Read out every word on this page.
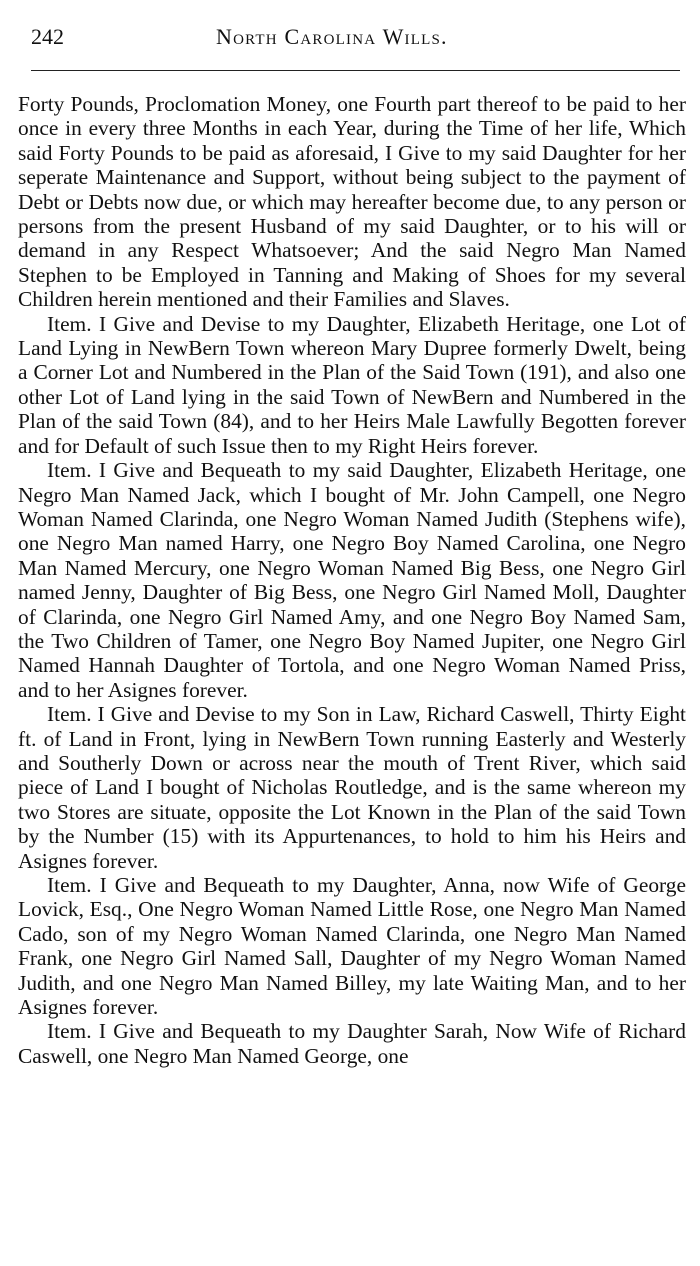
242	North Carolina Wills.

Forty Pounds, Proclomation Money, one Fourth part thereof to be paid to her once in every three Months in each Year, during the Time of her life, Which said Forty Pounds to be paid as aforesaid, I Give to my said Daughter for her seperate Maintenance and Support, without being subject to the payment of Debt or Debts now due, or which may hereafter become due, to any person or persons from the present Husband of my said Daughter, or to his will or demand in any Respect Whatsoever; And the said Negro Man Named Stephen to be Employed in Tanning and Making of Shoes for my several Children herein mentioned and their Families and Slaves.

Item. I Give and Devise to my Daughter, Elizabeth Heritage, one Lot of Land Lying in NewBern Town whereon Mary Dupree formerly Dwelt, being a Corner Lot and Numbered in the Plan of the Said Town (191), and also one other Lot of Land lying in the said Town of NewBern and Numbered in the Plan of the said Town (84), and to her Heirs Male Lawfully Begotten forever and for Default of such Issue then to my Right Heirs forever.

Item. I Give and Bequeath to my said Daughter, Elizabeth Heritage, one Negro Man Named Jack, which I bought of Mr. John Campell, one Negro Woman Named Clarinda, one Negro Woman Named Judith (Stephens wife), one Negro Man named Harry, one Negro Boy Named Carolina, one Negro Man Named Mercury, one Negro Woman Named Big Bess, one Negro Girl named Jenny, Daughter of Big Bess, one Negro Girl Named Moll, Daughter of Clarinda, one Negro Girl Named Amy, and one Negro Boy Named Sam, the Two Children of Tamer, one Negro Boy Named Jupiter, one Negro Girl Named Hannah Daughter of Tortola, and one Negro Woman Named Priss, and to her Asignes forever.

Item. I Give and Devise to my Son in Law, Richard Caswell, Thirty Eight ft. of Land in Front, lying in NewBern Town running Easterly and Westerly and Southerly Down or across near the mouth of Trent River, which said piece of Land I bought of Nicholas Routledge, and is the same whereon my two Stores are situate, opposite the Lot Known in the Plan of the said Town by the Number (15) with its Appurtenances, to hold to him his Heirs and Asignes forever.

Item. I Give and Bequeath to my Daughter, Anna, now Wife of George Lovick, Esq., One Negro Woman Named Little Rose, one Negro Man Named Cado, son of my Negro Woman Named Clarinda, one Negro Man Named Frank, one Negro Girl Named Sall, Daughter of my Negro Woman Named Judith, and one Negro Man Named Billey, my late Waiting Man, and to her Asignes forever.

Item. I Give and Bequeath to my Daughter Sarah, Now Wife of Richard Caswell, one Negro Man Named George, one
